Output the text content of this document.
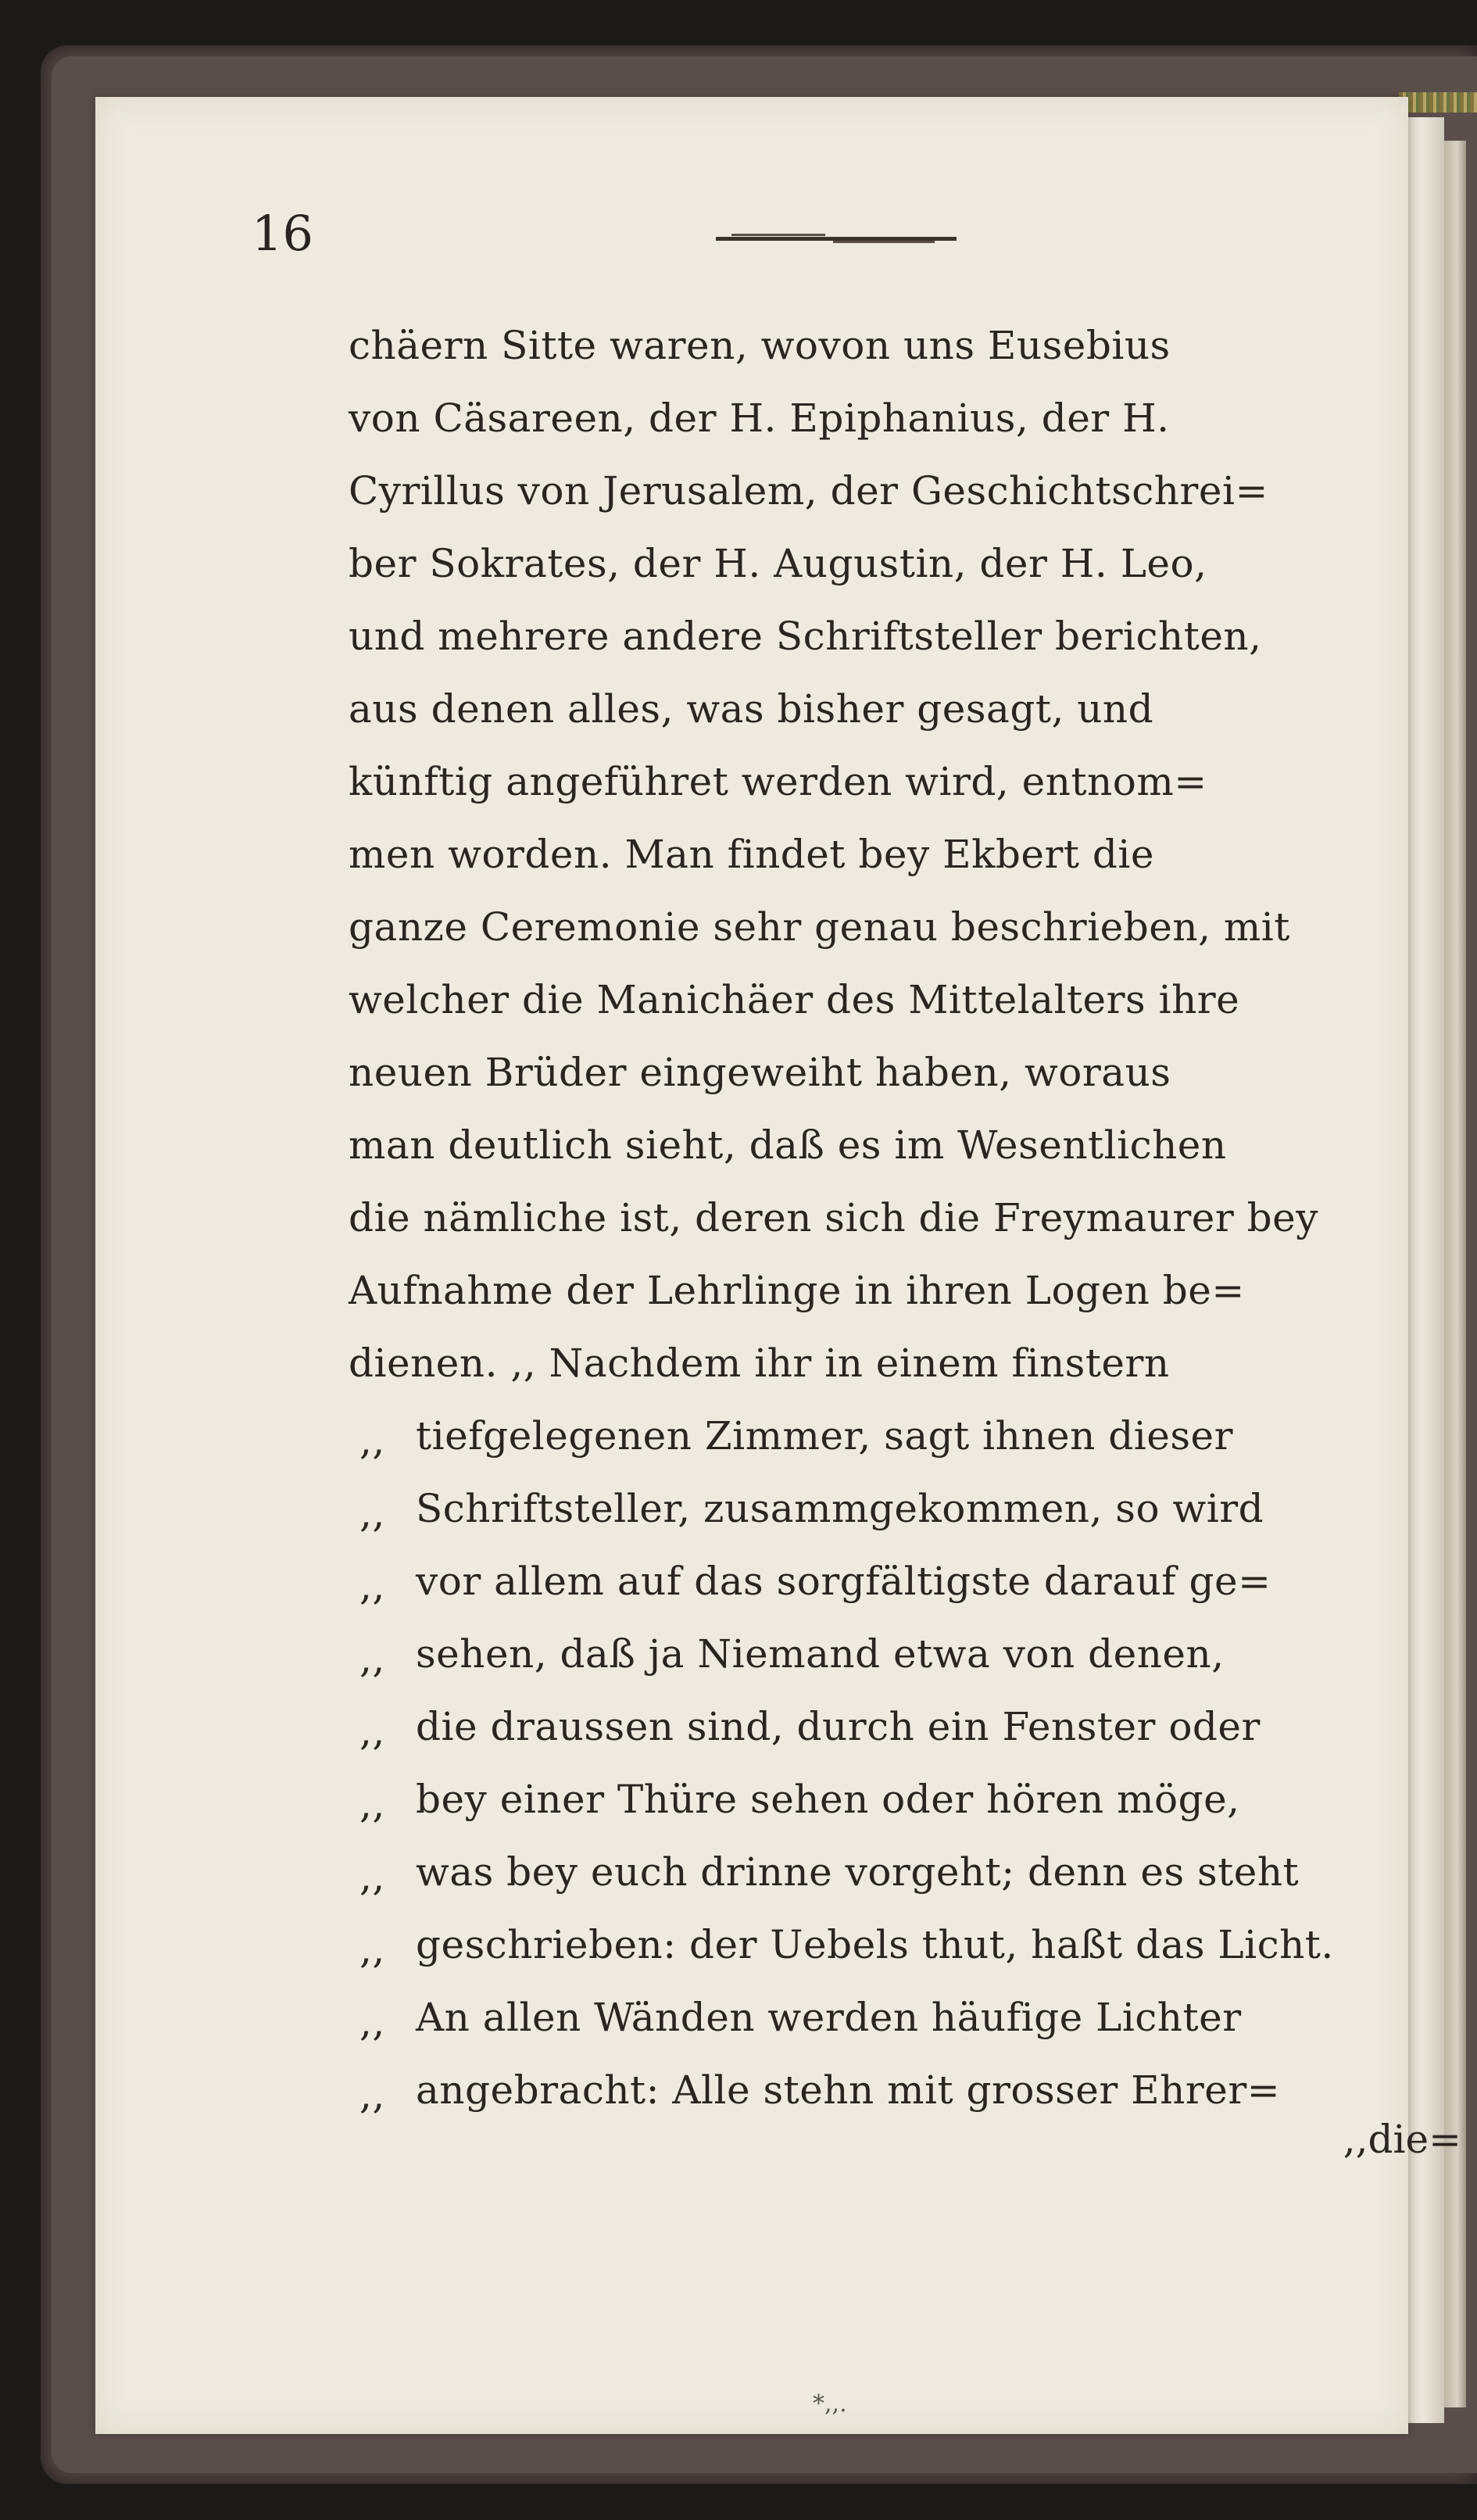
16
chäern Sitte waren, wovon uns Eusebius
von Cäsareen, der H. Epiphanius, der H.
Cyrillus von Jerusalem, der Geschichtschrei=
ber Sokrates, der H. Augustin, der H. Leo,
und mehrere andere Schriftsteller berichten,
aus denen alles, was bisher gesagt, und
künftig angeführet werden wird, entnom=
men worden. Man findet bey Ekbert die
ganze Ceremonie sehr genau beschrieben, mit
welcher die Manichäer des Mittelalters ihre
neuen Brüder eingeweiht haben, woraus
man deutlich sieht, daß es im Wesentlichen
die nämliche ist, deren sich die Freymaurer bey
Aufnahme der Lehrlinge in ihren Logen be=
dienen. ,, Nachdem ihr in einem finstern
,, tiefgelegenen Zimmer, sagt ihnen dieser
,, Schriftsteller, zusammgekommen, so wird
,, vor allem auf das sorgfältigste darauf ge=
,, sehen, daß ja Niemand etwa von denen,
,, die draussen sind, durch ein Fenster oder
,, bey einer Thüre sehen oder hören möge,
,, was bey euch drinne vorgeht; denn es steht
,, geschrieben: der Uebels thut, haßt das Licht.
,, An allen Wänden werden häufige Lichter
,, angebracht: Alle stehn mit grosser Ehrer=
,,die=
*,,.
